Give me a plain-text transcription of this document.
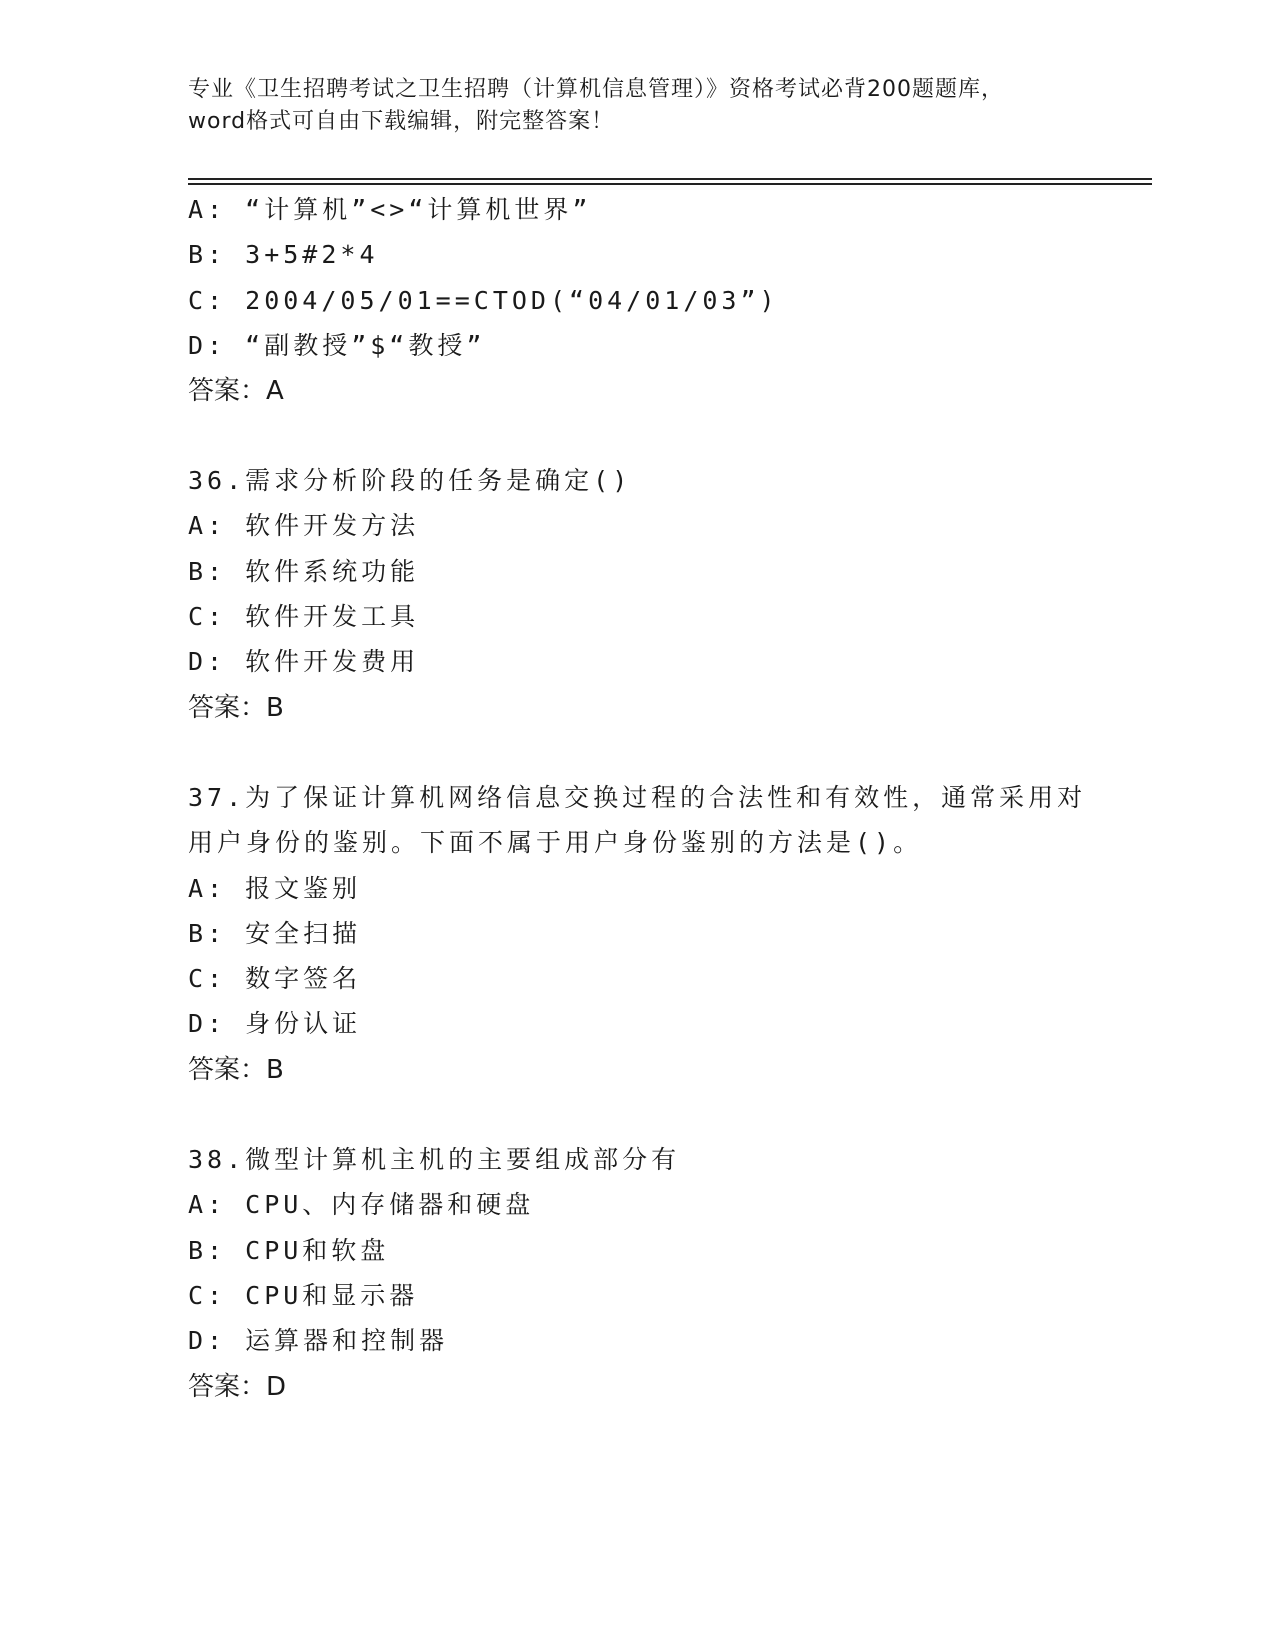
专业《卫生招聘考试之卫生招聘（计算机信息管理）》资格考试必背200题题库，
word格式可自由下载编辑，附完整答案！
A: “计算机”<>“计算机世界”
B: 3+5#2*4
C: 2004/05/01==CTOD(“04/01/03”)
D: “副教授”$“教授”
答案：A
36.需求分析阶段的任务是确定()
A: 软件开发方法
B: 软件系统功能
C: 软件开发工具
D: 软件开发费用
答案：B
37.为了保证计算机网络信息交换过程的合法性和有效性，通常采用对
用户身份的鉴别。下面不属于用户身份鉴别的方法是()。
A: 报文鉴别
B: 安全扫描
C: 数字签名
D: 身份认证
答案：B
38.微型计算机主机的主要组成部分有
A: CPU、内存储器和硬盘
B: CPU和软盘
C: CPU和显示器
D: 运算器和控制器
答案：D
